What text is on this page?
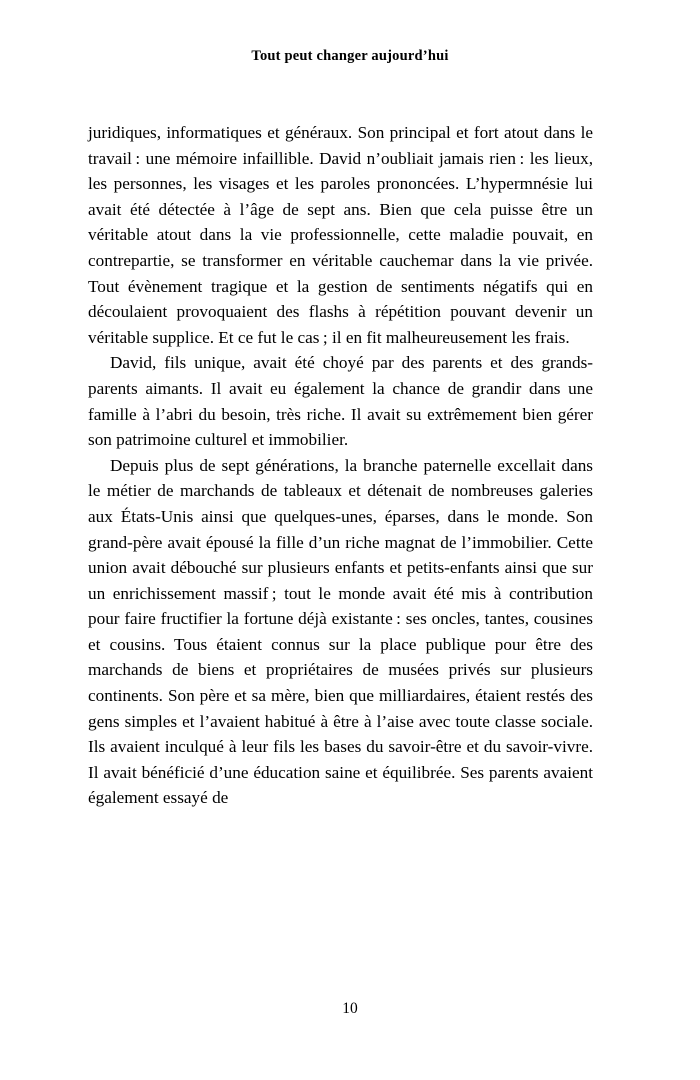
Tout peut changer aujourd’hui

juridiques, informatiques et généraux. Son principal et fort atout dans le travail : une mémoire infaillible. David n’oubliait jamais rien : les lieux, les personnes, les visages et les paroles prononcées. L’hypermnésie lui avait été détectée à l’âge de sept ans. Bien que cela puisse être un véritable atout dans la vie professionnelle, cette maladie pouvait, en contrepartie, se transformer en véritable cauchemar dans la vie privée. Tout évènement tragique et la gestion de sentiments négatifs qui en découlaient provoquaient des flashs à répétition pouvant devenir un véritable supplice. Et ce fut le cas ; il en fit malheureusement les frais.

David, fils unique, avait été choyé par des parents et des grands-parents aimants. Il avait eu également la chance de grandir dans une famille à l’abri du besoin, très riche. Il avait su extrêmement bien gérer son patrimoine culturel et immobilier.

Depuis plus de sept générations, la branche paternelle excellait dans le métier de marchands de tableaux et détenait de nombreuses galeries aux États-Unis ainsi que quelques-unes, éparses, dans le monde. Son grand-père avait épousé la fille d’un riche magnat de l’immobilier. Cette union avait débouché sur plusieurs enfants et petits-enfants ainsi que sur un enrichissement massif ; tout le monde avait été mis à contribution pour faire fructifier la fortune déjà existante : ses oncles, tantes, cousines et cousins. Tous étaient connus sur la place publique pour être des marchands de biens et propriétaires de musées privés sur plusieurs continents. Son père et sa mère, bien que milliardaires, étaient restés des gens simples et l’avaient habitué à être à l’aise avec toute classe sociale. Ils avaient inculqué à leur fils les bases du savoir-être et du savoir-vivre. Il avait bénéficié d’une éducation saine et équilibrée. Ses parents avaient également essayé de

10
